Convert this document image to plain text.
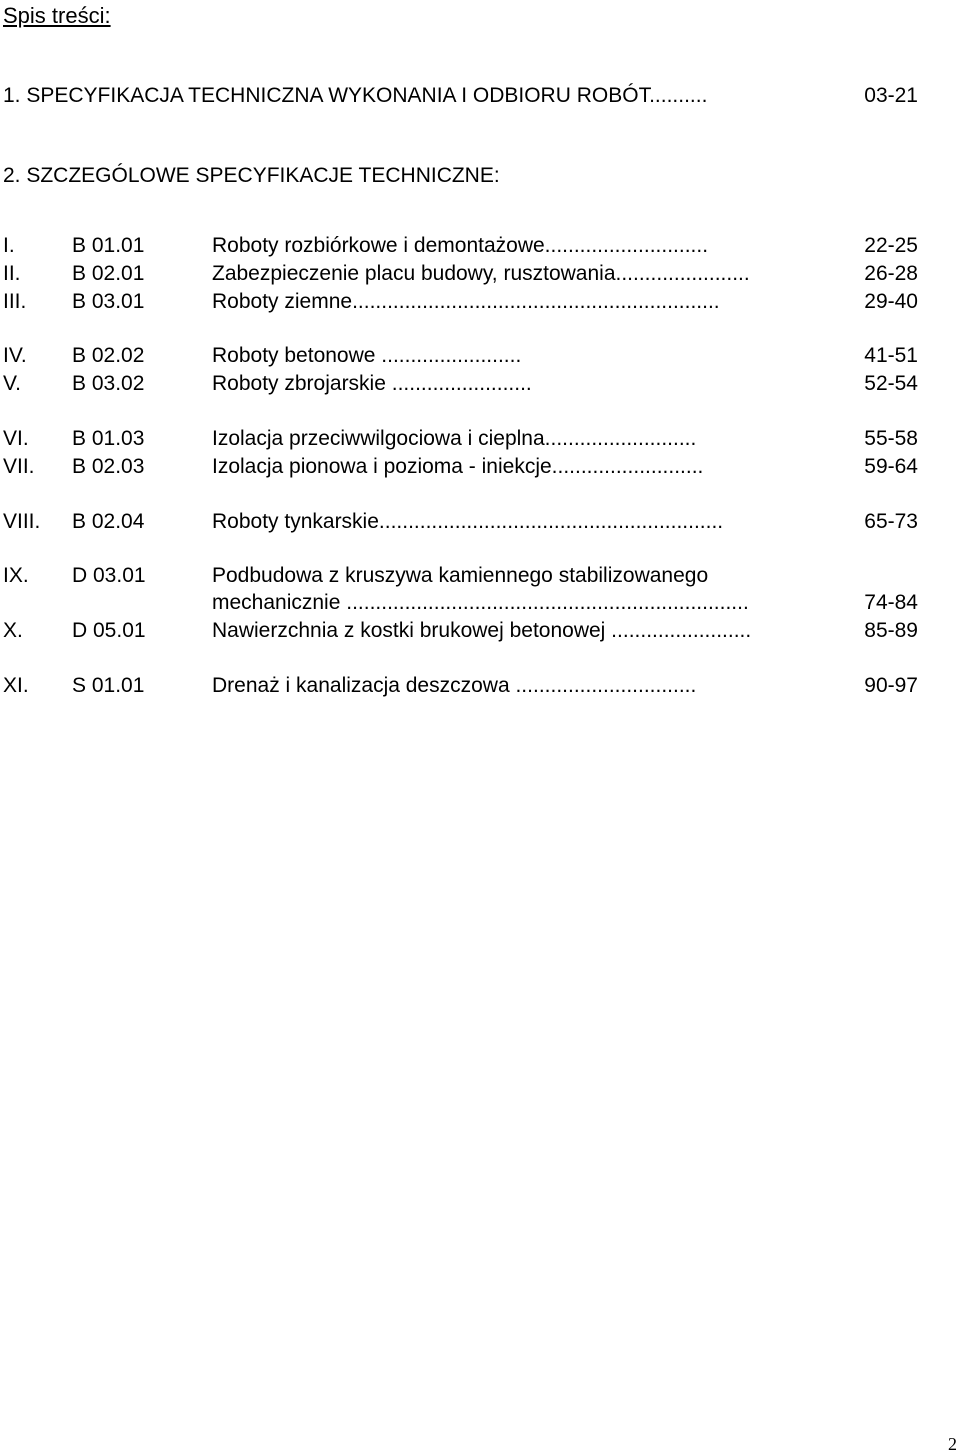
Spis treści:
1. SPECYFIKACJA TECHNICZNA WYKONANIA I ODBIORU ROBÓT..........	03-21
2. SZCZEGÓLOWE SPECYFIKACJE TECHNICZNE:
I.	B 01.01	Roboty rozbiórkowe i demontażowe............................	22-25
II. B 02.01	Zabezpieczenie placu budowy, rusztowania.......................	26-28
III. B 03.01	Roboty ziemne...............................................................	29-40
IV. B 02.02	Roboty betonowe ........................	41-51
V. B 03.02	Roboty zbrojarskie ........................	52-54
VI. B 01.03	Izolacja przeciwwilgociowa i cieplna..........................	55-58
VII. B 02.03	Izolacja pionowa i pozioma - iniekcje..........................	59-64
VIII. B 02.04	Roboty tynkarskie...........................................................	65-73
IX. D 03.01	Podbudowa z kruszywa kamiennego stabilizowanego
mechanicznie .....................................................................	74-84
X. D 05.01	Nawierzchnia z kostki brukowej betonowej ........................	85-89
XI. S 01.01	Drenaż i kanalizacja deszczowa ...............................	90-97
2
